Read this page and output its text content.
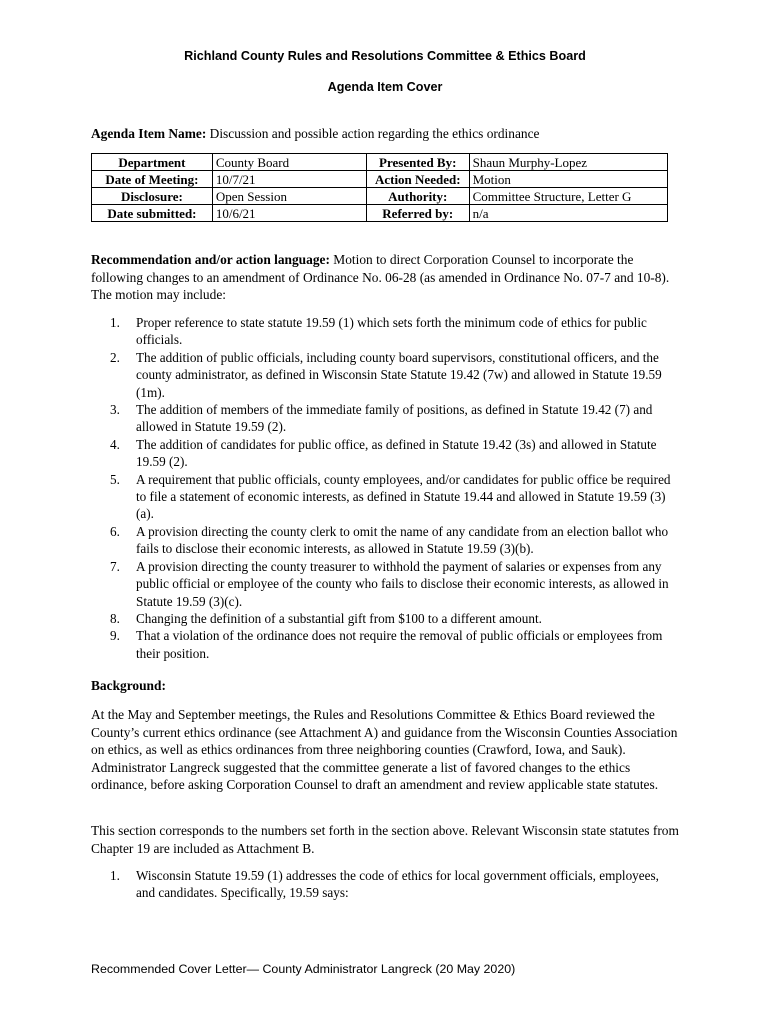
Richland County Rules and Resolutions Committee & Ethics Board
Agenda Item Cover
Agenda Item Name: Discussion and possible action regarding the ethics ordinance
Department	County Board	Presented By:	Shaun Murphy-Lopez
Date of Meeting:	10/7/21	Action Needed:	Motion
Disclosure:	Open Session	Authority:	Committee Structure, Letter G
Date submitted:	10/6/21	Referred by:	n/a
Recommendation and/or action language: Motion to direct Corporation Counsel to incorporate the following changes to an amendment of Ordinance No. 06-28 (as amended in Ordinance No. 07-7 and 10-8). The motion may include:
1. Proper reference to state statute 19.59 (1) which sets forth the minimum code of ethics for public officials.
2. The addition of public officials, including county board supervisors, constitutional officers, and the county administrator, as defined in Wisconsin State Statute 19.42 (7w) and allowed in Statute 19.59 (1m).
3. The addition of members of the immediate family of positions, as defined in Statute 19.42 (7) and allowed in Statute 19.59 (2).
4. The addition of candidates for public office, as defined in Statute 19.42 (3s) and allowed in Statute 19.59 (2).
5. A requirement that public officials, county employees, and/or candidates for public office be required to file a statement of economic interests, as defined in Statute 19.44 and allowed in Statute 19.59 (3)(a).
6. A provision directing the county clerk to omit the name of any candidate from an election ballot who fails to disclose their economic interests, as allowed in Statute 19.59 (3)(b).
7. A provision directing the county treasurer to withhold the payment of salaries or expenses from any public official or employee of the county who fails to disclose their economic interests, as allowed in Statute 19.59 (3)(c).
8. Changing the definition of a substantial gift from $100 to a different amount.
9. That a violation of the ordinance does not require the removal of public officials or employees from their position.
Background:
At the May and September meetings, the Rules and Resolutions Committee & Ethics Board reviewed the County’s current ethics ordinance (see Attachment A) and guidance from the Wisconsin Counties Association on ethics, as well as ethics ordinances from three neighboring counties (Crawford, Iowa, and Sauk). Administrator Langreck suggested that the committee generate a list of favored changes to the ethics ordinance, before asking Corporation Counsel to draft an amendment and review applicable state statutes.
This section corresponds to the numbers set forth in the section above. Relevant Wisconsin state statutes from Chapter 19 are included as Attachment B.
1. Wisconsin Statute 19.59 (1) addresses the code of ethics for local government officials, employees, and candidates. Specifically, 19.59 says:
Recommended Cover Letter— County Administrator Langreck (20 May 2020)
